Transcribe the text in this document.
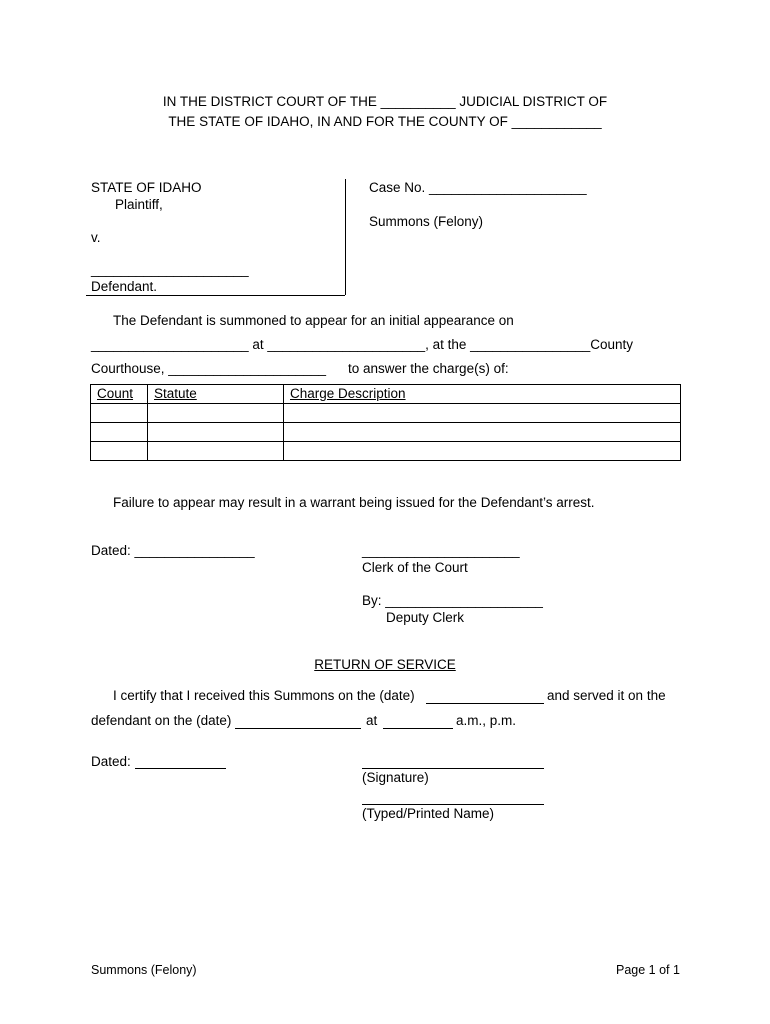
IN THE DISTRICT COURT OF THE __________ JUDICIAL DISTRICT OF
THE STATE OF IDAHO, IN AND FOR THE COUNTY OF ____________
STATE OF IDAHO
Plaintiff,
v.
_____________________
Defendant.
Case No. _____________________
Summons (Felony)
The Defendant is summoned to appear for an initial appearance on
_____________________ at _____________________, at the ________________County
Courthouse, _____________________ to answer the charge(s) of:
Count	Statute	Charge Description

Failure to appear may result in a warrant being issued for the Defendant’s arrest.
Dated: ________________	_____________________
Clerk of the Court
By: _____________________
Deputy Clerk
RETURN OF SERVICE
I certify that I received this Summons on the (date)	and served it on the
defendant on the (date)	at	a.m., p.m.
Dated:
(Signature)
(Typed/Printed Name)
Summons (Felony)	Page 1 of 1
